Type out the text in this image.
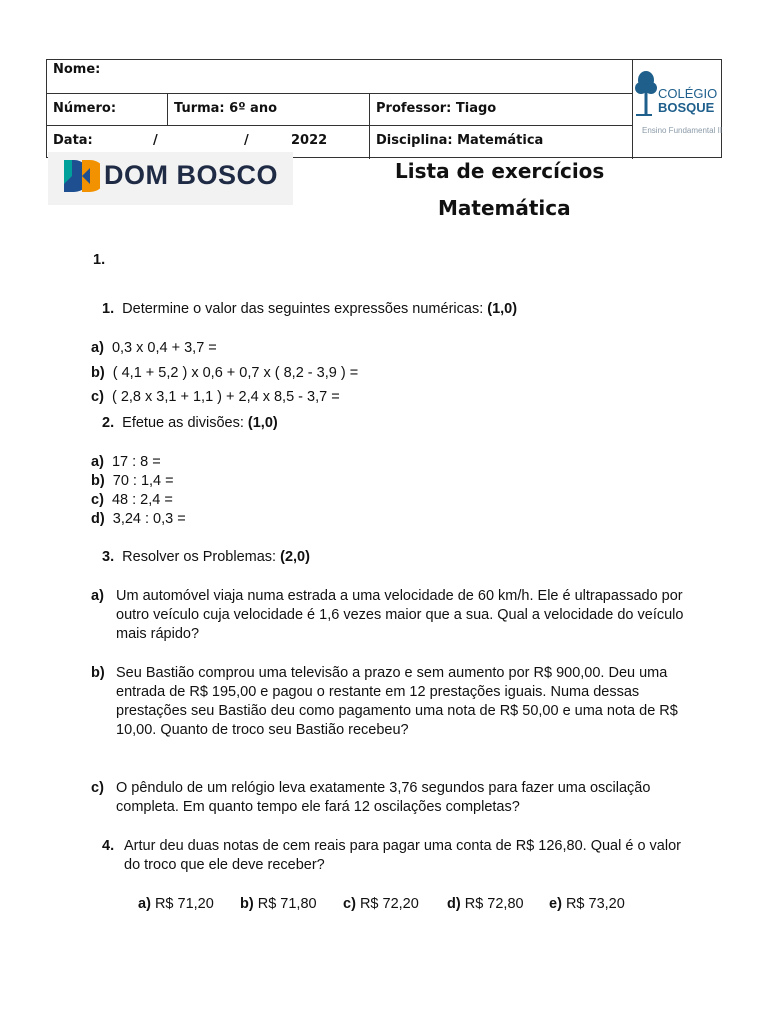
Nome:
Número:	Turma: 6º ano	Professor: Tiago
Data:	/	/	2022	Disciplina: Matemática
COLÉGIO
BOSQUE
Ensino Fundamental II
DOM BOSCO	Lista de exercícios
Matemática
1.
1. Determine o valor das seguintes expressões numéricas: (1,0)
a) 0,3 x 0,4 + 3,7 =
b) ( 4,1 + 5,2 ) x 0,6 + 0,7 x ( 8,2 - 3,9 ) =
c) ( 2,8 x 3,1 + 1,1 ) + 2,4 x 8,5 - 3,7 =
2. Efetue as divisões: (1,0)
a) 17 : 8 =
b) 70 : 1,4 =
c) 48 : 2,4 =
d) 3,24 : 0,3 =
3. Resolver os Problemas: (2,0)
a) Um automóvel viaja numa estrada a uma velocidade de 60 km/h. Ele é ultrapassado por
outro veículo cuja velocidade é 1,6 vezes maior que a sua. Qual a velocidade do veículo
mais rápido?
b) Seu Bastião comprou uma televisão a prazo e sem aumento por R$ 900,00. Deu uma
entrada de R$ 195,00 e pagou o restante em 12 prestações iguais. Numa dessas
prestações seu Bastião deu como pagamento uma nota de R$ 50,00 e uma nota de R$
10,00. Quanto de troco seu Bastião recebeu?
c) O pêndulo de um relógio leva exatamente 3,76 segundos para fazer uma oscilação
completa. Em quanto tempo ele fará 12 oscilações completas?
4. Artur deu duas notas de cem reais para pagar uma conta de R$ 126,80. Qual é o valor
do troco que ele deve receber?
a) R$ 71,20 b) R$ 71,80 c) R$ 72,20 d) R$ 72,80 e) R$ 73,20
